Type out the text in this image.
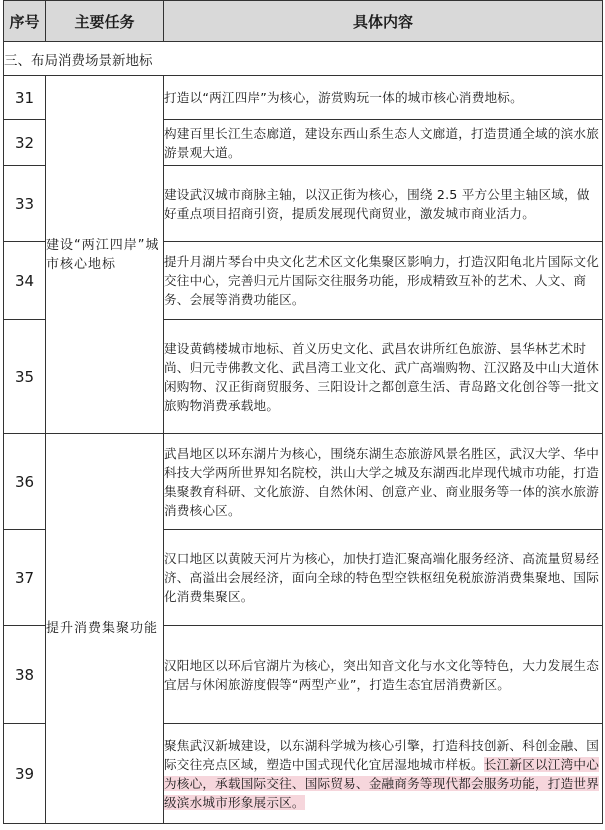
序号	主要任务	具体内容
三、布局消费场景新地标		
31	建设“两江四岸”城市核心地标	打造以“两江四岸”为核心，游赏购玩一体的城市核心消费地标。
32		构建百里长江生态廊道，建设东西山系生态人文廊道，打造贯通全域的滨水旅游景观大道。
33		建设武汉城市商脉主轴，以汉正街为核心，围绕 2.5 平方公里主轴区域，做好重点项目招商引资，提质发展现代商贸业，激发城市商业活力。
34		提升月湖片琴台中央文化艺术区文化集聚区影响力，打造汉阳龟北片国际文化交往中心，完善归元片国际交往服务功能，形成精致互补的艺术、人文、商务、会展等消费功能区。
35		建设黄鹤楼城市地标、首义历史文化、武昌农讲所红色旅游、昙华林艺术时尚、归元寺佛教文化、武昌湾工业文化、武广高端购物、江汉路及中山大道休闲购物、汉正街商贸服务、三阳设计之都创意生活、青岛路文化创谷等一批文旅购物消费承载地。
36	提升消费集聚功能	武昌地区以环东湖片为核心，围绕东湖生态旅游风景名胜区，武汉大学、华中科技大学两所世界知名院校，洪山大学之城及东湖西北岸现代城市功能，打造集聚教育科研、文化旅游、自然休闲、创意产业、商业服务等一体的滨水旅游消费核心区。
37		汉口地区以黄陂天河片为核心，加快打造汇聚高端化服务经济、高流量贸易经济、高溢出会展经济，面向全球的特色型空铁枢纽免税旅游消费集聚地、国际化消费集聚区。
38		汉阳地区以环后官湖片为核心，突出知音文化与水文化等特色，大力发展生态宜居与休闲旅游度假等“两型产业”，打造生态宜居消费新区。
39		聚焦武汉新城建设，以东湖科学城为核心引擎，打造科技创新、科创金融、国际交往亮点区域，塑造中国式现代化宜居湿地城市样板。长江新区以江湾中心为核心，承载国际交往、国际贸易、金融商务等现代都会服务功能，打造世界级滨水城市形象展示区。
